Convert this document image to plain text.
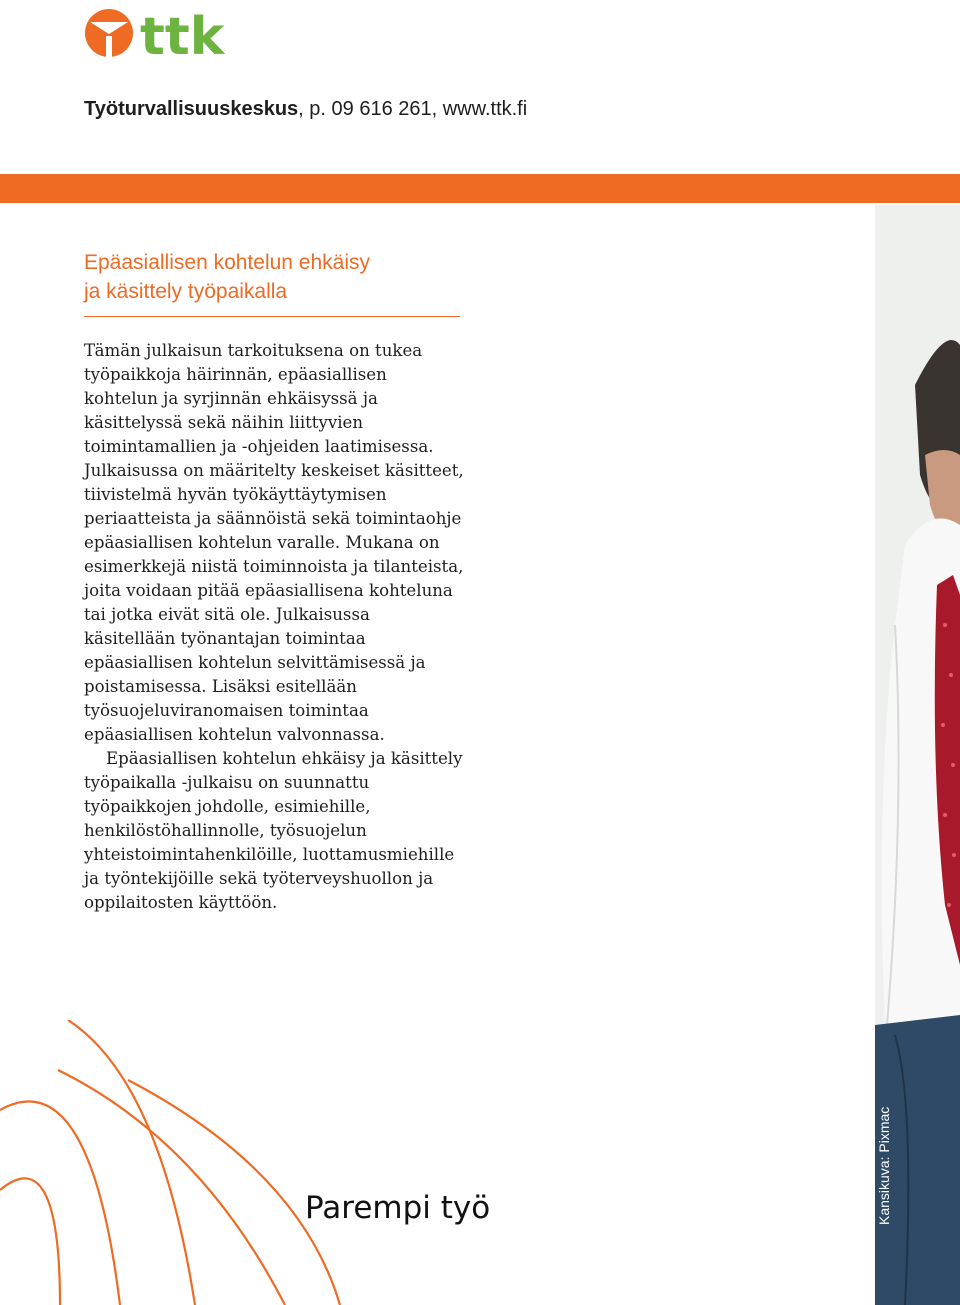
ttk
Työturvallisuuskeskus, p. 09 616 261, www.ttk.fi
Epäasiallisen kohtelun ehkäisy
ja käsittely työpaikalla

Tämän julkaisun tarkoituksena on tukea työpaikkoja häirinnän, epäasiallisen kohtelun ja syrjinnän ehkäisyssä ja käsittelyssä sekä näihin liittyvien toimintamallien ja -ohjeiden laatimisessa. Julkaisussa on määritelty keskeiset käsitteet, tiivistelmä hyvän työkäyttäytymisen periaatteista ja säännöistä sekä toimintaohje epäasiallisen kohtelun varalle. Mukana on esimerkkejä niistä toiminnoista ja tilanteista, joita voidaan pitää epäasiallisena kohteluna tai jotka eivät sitä ole. Julkaisussa käsitellään työnantajan toimintaa epäasiallisen kohtelun selvittämisessä ja poistamisessa. Lisäksi esitellään työsuojeluviranomaisen toimintaa epäasiallisen kohtelun valvonnassa.

Epäasiallisen kohtelun ehkäisy ja käsittely työpaikalla -julkaisu on suunnattu työpaikkojen johdolle, esimiehille, henkilöstöhallinnolle, työsuojelun yhteistoimintahenkilöille, luottamusmiehille ja työntekijöille sekä työterveyshuollon ja oppilaitosten käyttöön.

Parempi työ	Kansikuva: Pixmac
